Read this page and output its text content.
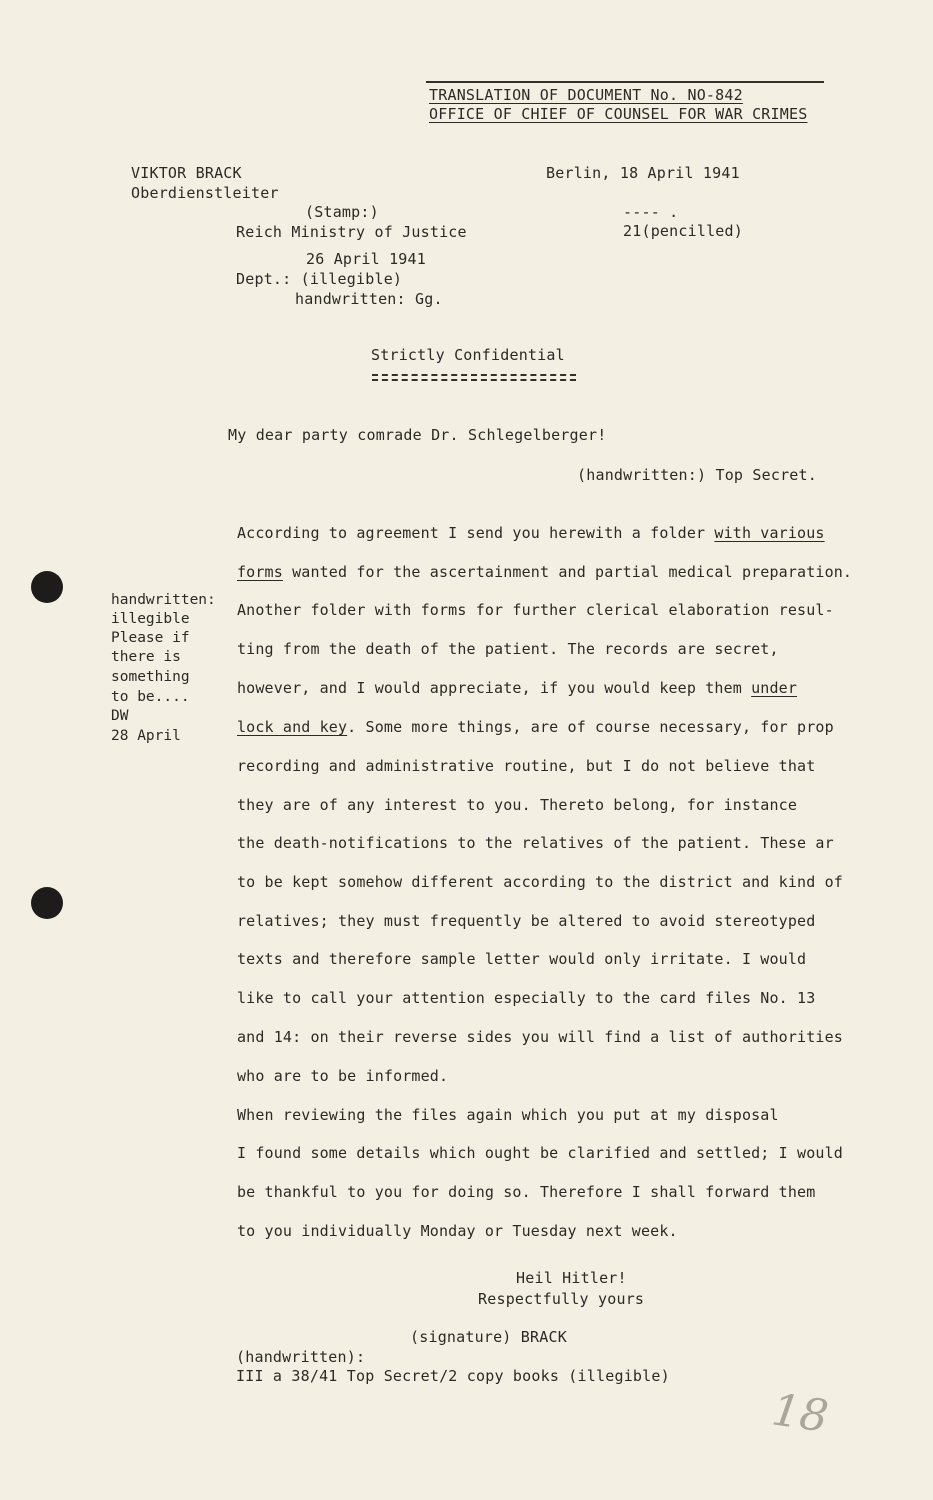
TRANSLATION OF DOCUMENT No. NO-842
OFFICE OF CHIEF OF COUNSEL FOR WAR CRIMES
VIKTOR BRACK
Oberdienstleiter
Berlin, 18 April 1941
---- .
21(pencilled)
(Stamp:)
Reich Ministry of Justice
26 April 1941
Dept.: (illegible)
handwritten: Gg.
Strictly Confidential
My dear party comrade Dr. Schlegelberger!
(handwritten:) Top Secret.
handwritten:
illegible
Please if
there is
something
to be....
DW
28 April
According to agreement I send you herewith a folder with various
forms wanted for the ascertainment and partial medical preparation.
Another folder with forms for further clerical elaboration resul-
ting from the death of the patient. The records are secret,
however, and I would appreciate, if you would keep them under
lock and key. Some more things, are of course necessary, for prop
recording and administrative routine, but I do not believe that
they are of any interest to you. Thereto belong, for instance
the death-notifications to the relatives of the patient. These ar
to be kept somehow different according to the district and kind of
relatives; they must frequently be altered to avoid stereotyped
texts and therefore sample letter would only irritate. I would
like to call your attention especially to the card files No. 13
and 14: on their reverse sides you will find a list of authorities
who are to be informed.
When reviewing the files again which you put at my disposal
I found some details which ought be clarified and settled; I would
be thankful to you for doing so. Therefore I shall forward them
to you individually Monday or Tuesday next week.
Heil Hitler!
Respectfully yours
(signature) BRACK
(handwritten):
III a 38/41 Top Secret/2 copy books (illegible)
18
